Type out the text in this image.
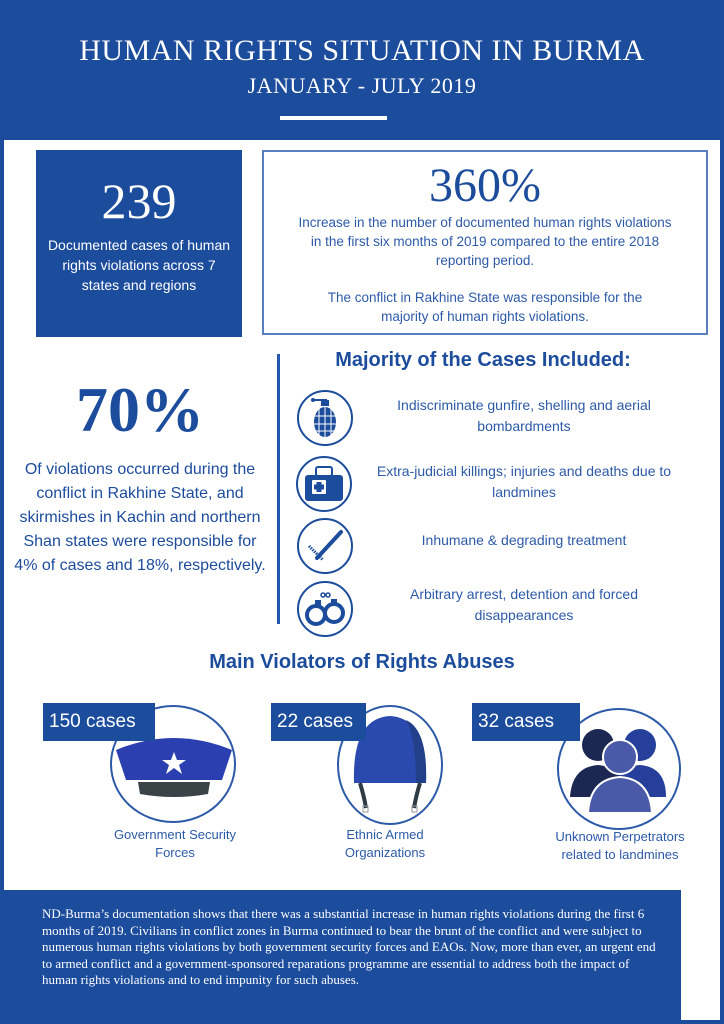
HUMAN RIGHTS SITUATION IN BURMA
JANUARY - JULY 2019
239
Documented cases of human rights violations across 7 states and regions
360%
Increase in the number of documented human rights violations in the first six months of 2019 compared to the entire 2018 reporting period.
The conflict in Rakhine State was responsible for the majority of human rights violations.
70%
Of violations occurred during the conflict in Rakhine State, and skirmishes in Kachin and northern Shan states were responsible for 4% of cases and 18%, respectively.
Majority of the Cases Included:
Indiscriminate gunfire, shelling and aerial bombardments
Extra-judicial killings; injuries and deaths due to landmines
Inhumane & degrading treatment
Arbitrary arrest, detention and forced disappearances
Main Violators of Rights Abuses
150 cases
Government Security Forces
22 cases
Ethnic Armed Organizations
32 cases
Unknown Perpetrators related to landmines
ND-Burma’s documentation shows that there was a substantial increase in human rights violations during the first 6 months of 2019. Civilians in conflict zones in Burma continued to bear the brunt of the conflict and were subject to numerous human rights violations by both government security forces and EAOs. Now, more than ever, an urgent end to armed conflict and a government-sponsored reparations programme are essential to address both the impact of human rights violations and to end impunity for such abuses.
